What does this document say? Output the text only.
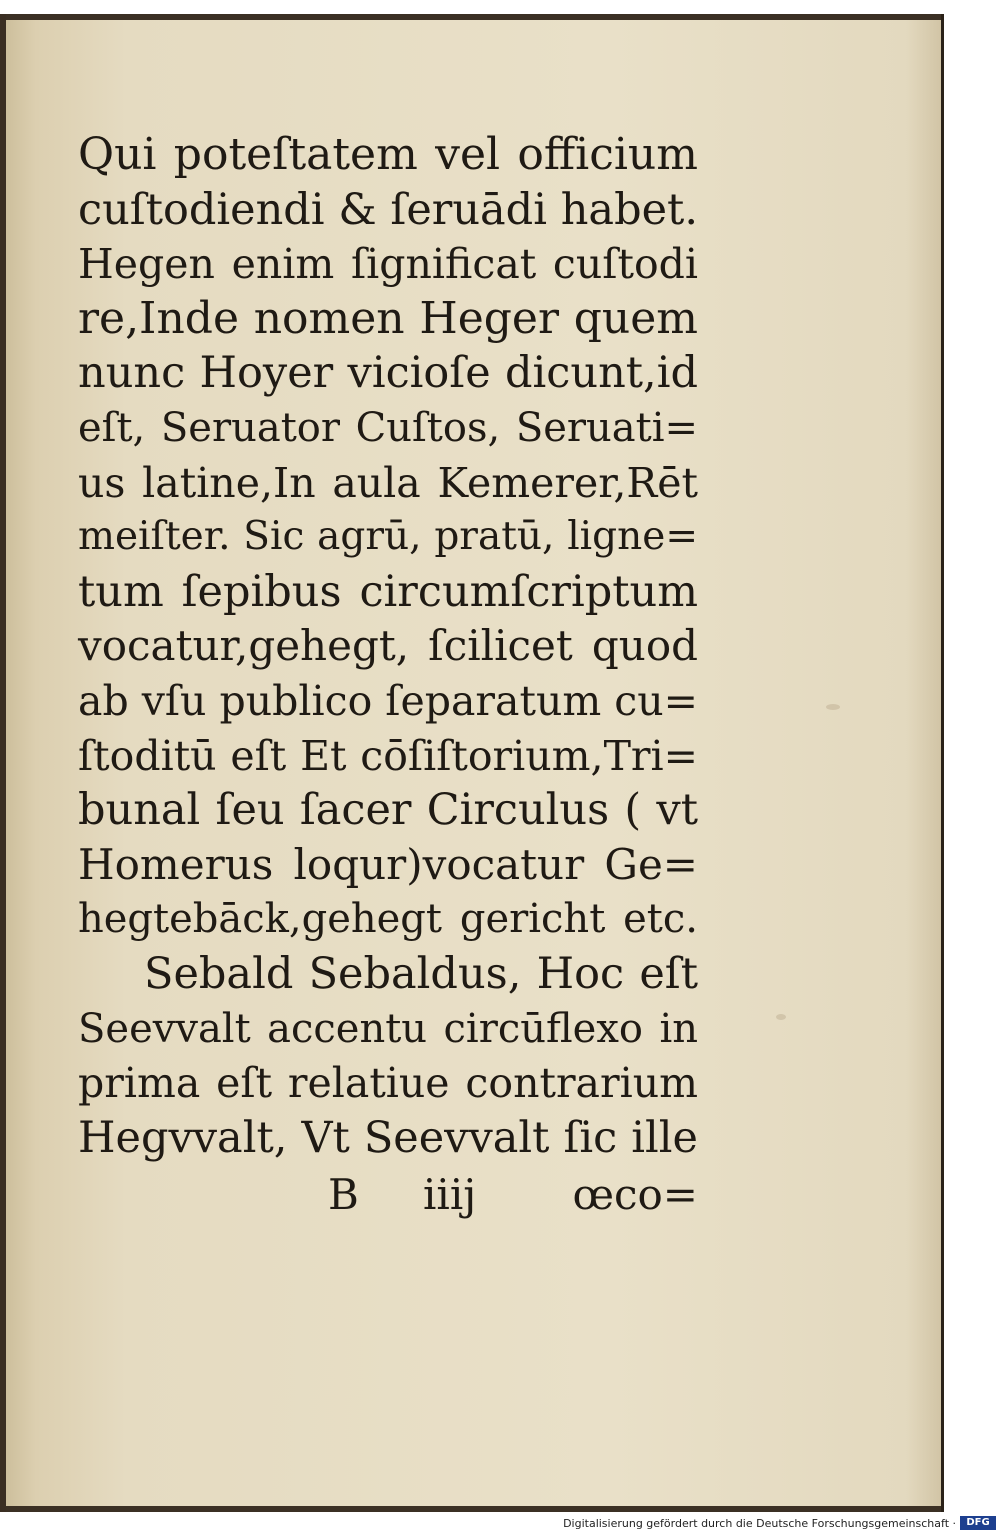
Qui poteſtatem vel officium
cuſtodiendi & ſeruādi habet.
Hegen enim ſignificat cuſtodi
re,Inde nomen Heger quem
nunc Hoyer vicioſe dicunt,id
eſt, Seruator Cuſtos, Seruati=
us latine,In aula Kemerer,Rēt
meiſter. Sic agrū, pratū, ligne=
tum ſepibus circumſcriptum
vocatur,gehegt, ſcilicet quod
ab vſu publico ſeparatum cu=
ſtoditū eſt Et cōſiſtorium,Tri=
bunal ſeu ſacer Circulus ( vt
Homerus loqur)vocatur Ge=
hegtebāck,gehegt gericht etc.
Sebald Sebaldus, Hoc eſt
Seevvalt accentu circūflexo in
prima eſt relatiue contrarium
Hegvvalt, Vt Seevvalt ſic ille
B iiij œco=
Digitalisierung gefördert durch die Deutsche Forschungsgemeinschaft ·	DFG
